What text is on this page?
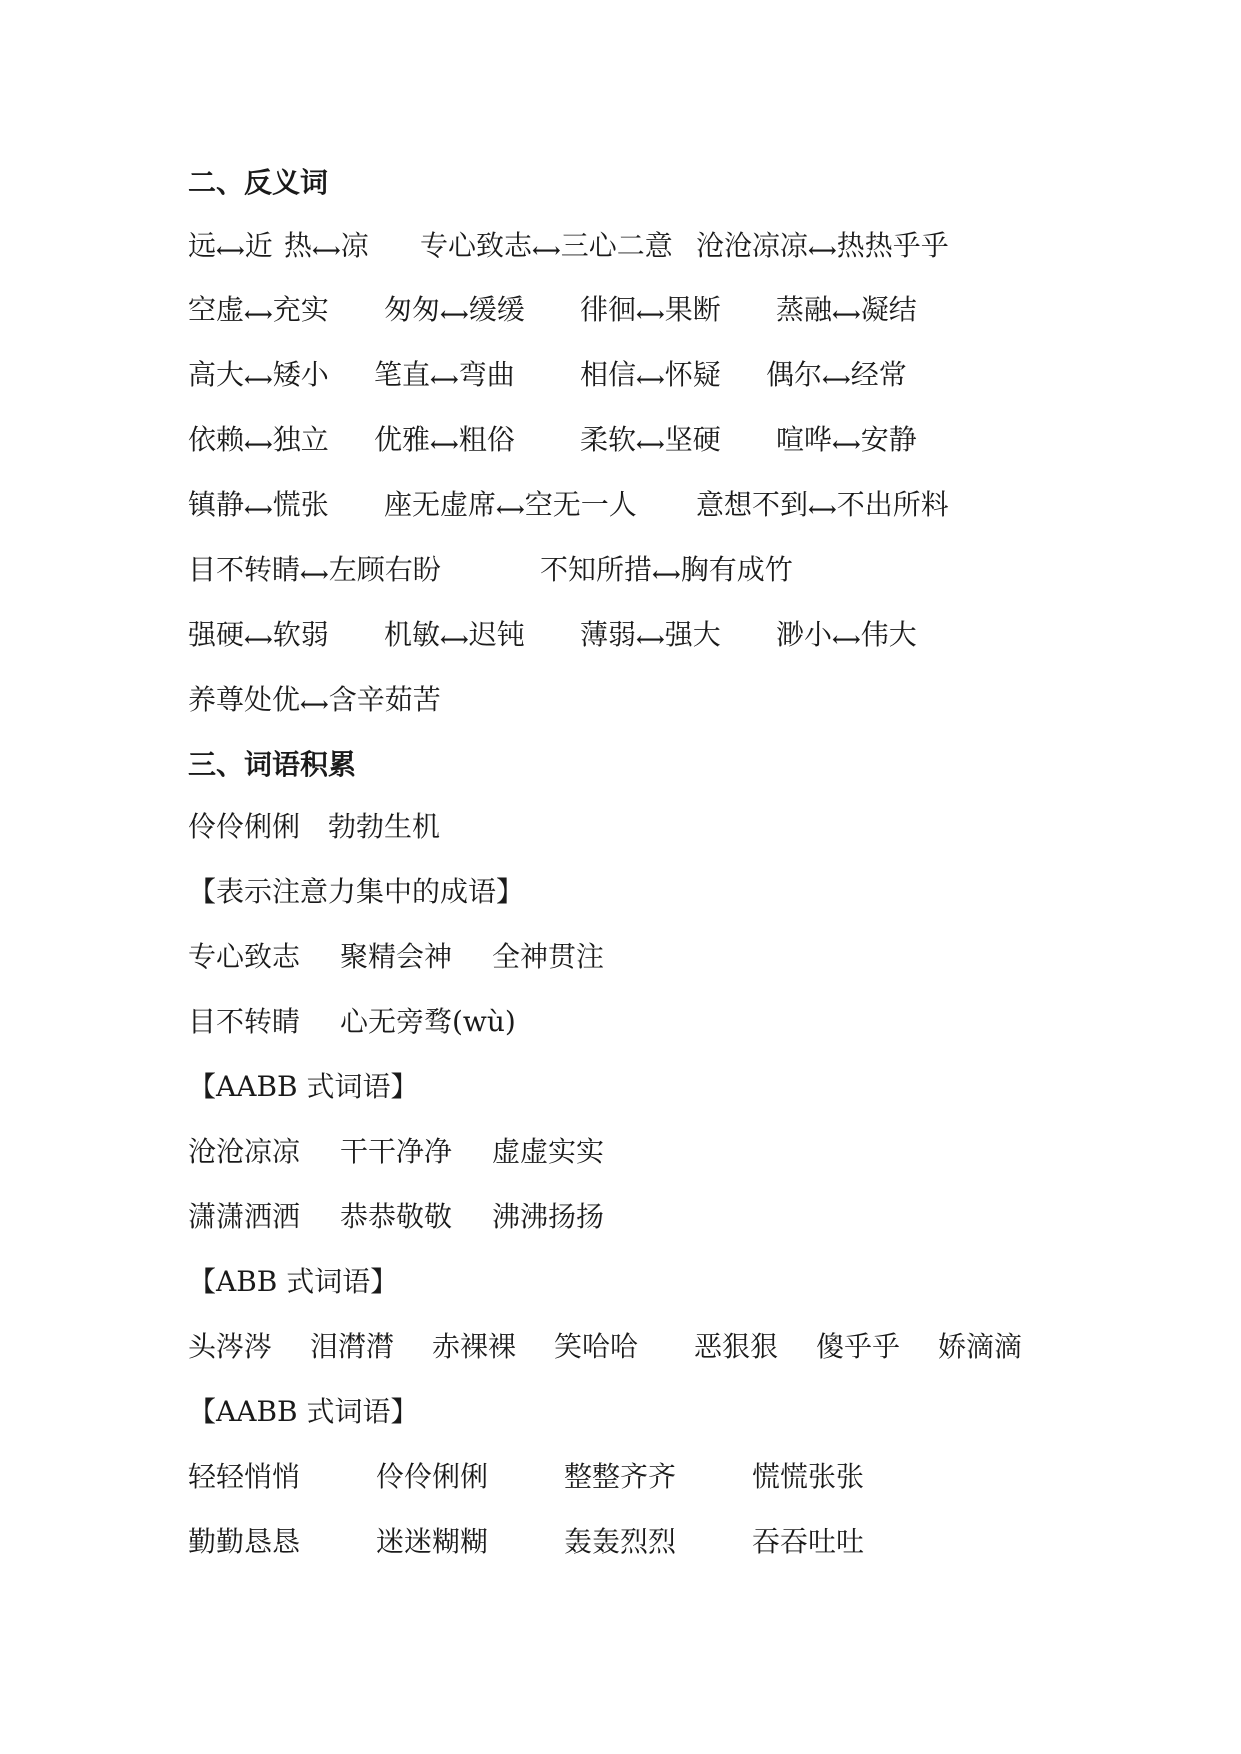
二、反义词
远⟷近 热⟷凉 专心致志⟷三心二意 沧沧凉凉⟷热热乎乎
空虚⟷充实 匆匆⟷缓缓 徘徊⟷果断 蒸融⟷凝结
高大⟷矮小 笔直⟷弯曲 相信⟷怀疑 偶尔⟷经常
依赖⟷独立 优雅⟷粗俗 柔软⟷坚硬 喧哗⟷安静
镇静⟷慌张 座无虚席⟷空无一人 意想不到⟷不出所料
目不转睛⟷左顾右盼	不知所措⟷胸有成竹
强硬⟷软弱 机敏⟷迟钝 薄弱⟷强大 渺小⟷伟大
养尊处优⟷含辛茹苦
三、词语积累
伶伶俐俐 勃勃生机
【表示注意力集中的成语】
专心致志 聚精会神 全神贯注
目不转睛 心无旁骛(wù)
【AABB 式词语】
沧沧凉凉 干干净净 虚虚实实
潇潇洒洒 恭恭敬敬 沸沸扬扬
【ABB 式词语】
头涔涔 泪潸潸 赤裸裸 笑哈哈 恶狠狠 傻乎乎 娇滴滴
【AABB 式词语】
轻轻悄悄	伶伶俐俐	整整齐齐	慌慌张张
勤勤恳恳	迷迷糊糊	轰轰烈烈	吞吞吐吐
